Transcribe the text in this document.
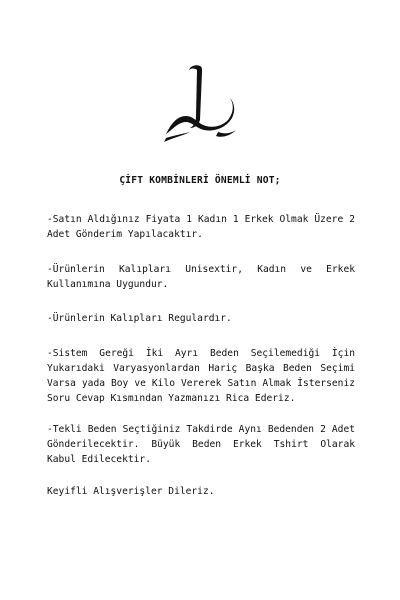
ÇİFT KOMBİNLERİ ÖNEMLİ NOT;

-Satın Aldığınız Fiyata 1 Kadın 1 Erkek Olmak Üzere 2 Adet Gönderim Yapılacaktır.

-Ürünlerin Kalıpları Unisextir, Kadın ve Erkek Kullanımına Uygundur.

-Ürünlerin Kalıpları Regulardır.

-Sistem Gereği İki Ayrı Beden Seçilemediği İçin Yukarıdaki Varyasyonlardan Hariç Başka Beden Seçimi Varsa yada Boy ve Kilo Vererek Satın Almak İsterseniz Soru Cevap Kısmından Yazmanızı Rica Ederiz.

-Tekli Beden Seçtiğiniz Takdirde Aynı Bedenden 2 Adet Gönderilecektir. Büyük Beden Erkek Tshirt Olarak Kabul Edilecektir.

Keyifli Alışverişler Dileriz.
